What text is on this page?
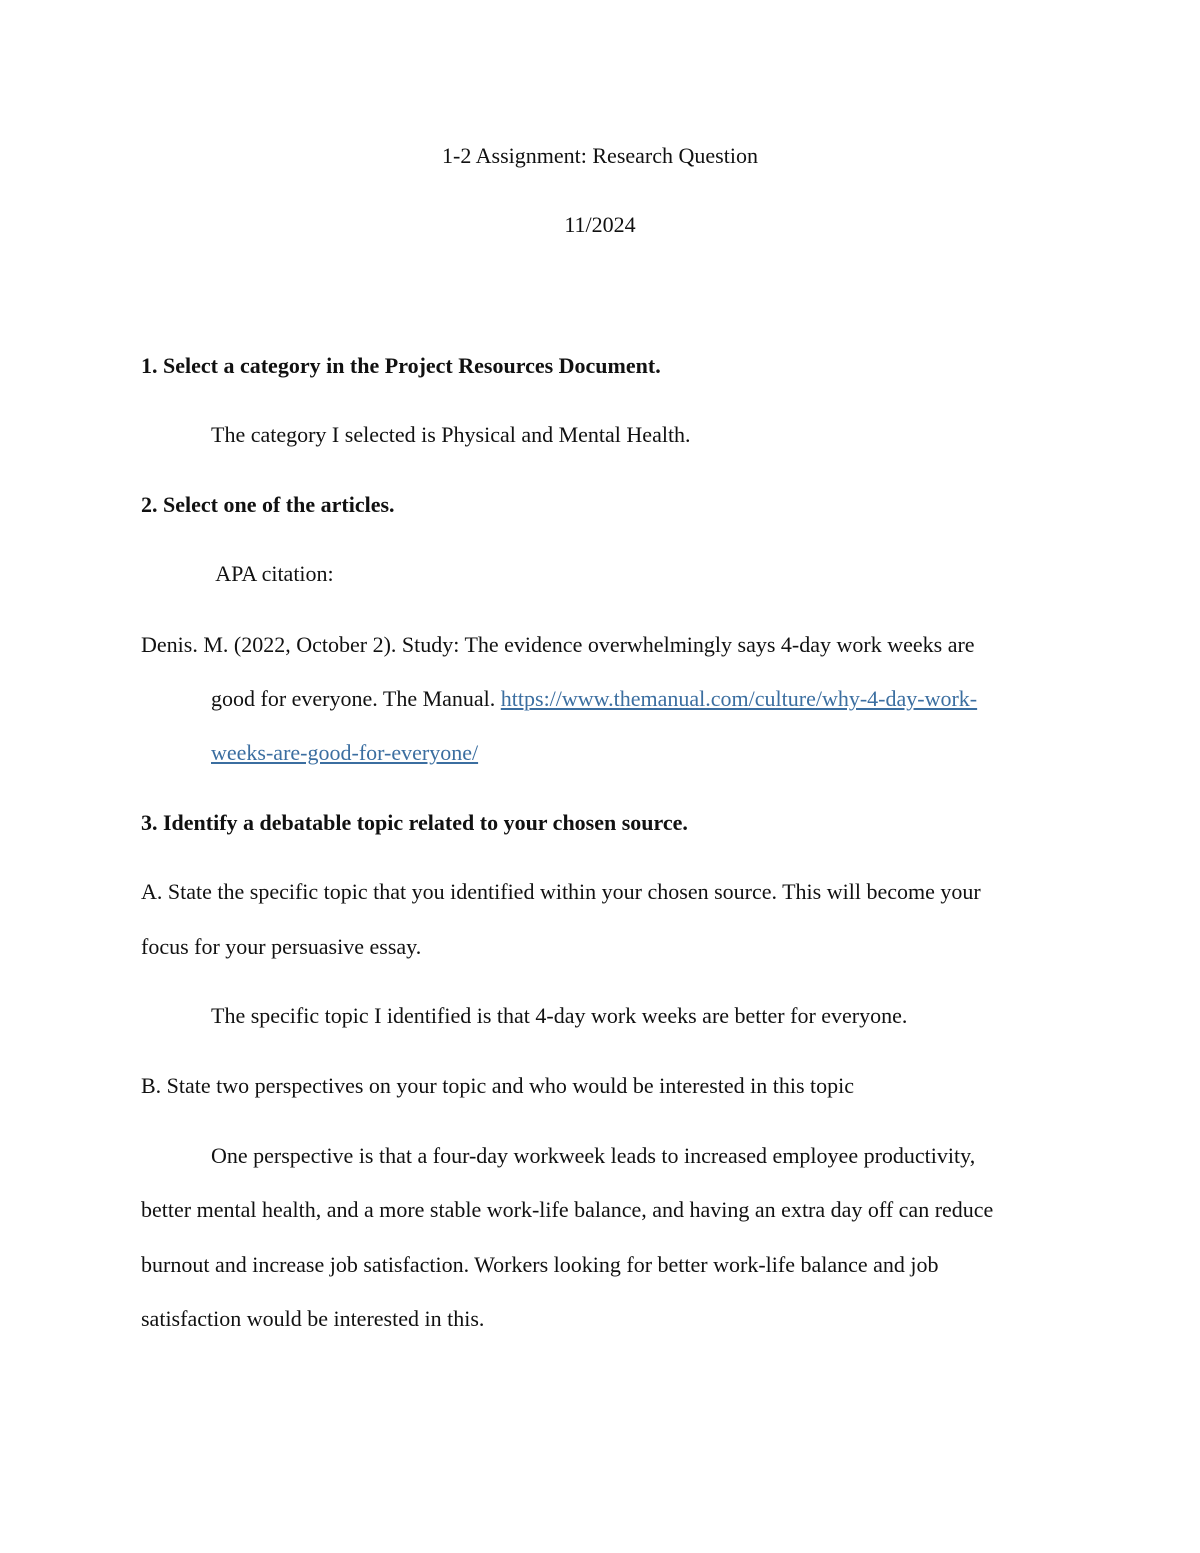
1-2 Assignment: Research Question
11/2024
1. Select a category in the Project Resources Document.
The category I selected is Physical and Mental Health.
2. Select one of the articles.
APA citation:
Denis. M. (2022, October 2). Study: The evidence overwhelmingly says 4-day work weeks are
good for everyone. The Manual. https://www.themanual.com/culture/why-4-day-work-
weeks-are-good-for-everyone/
3. Identify a debatable topic related to your chosen source.
A. State the specific topic that you identified within your chosen source. This will become your
focus for your persuasive essay.
The specific topic I identified is that 4-day work weeks are better for everyone.
B. State two perspectives on your topic and who would be interested in this topic
One perspective is that a four-day workweek leads to increased employee productivity,
better mental health, and a more stable work-life balance, and having an extra day off can reduce
burnout and increase job satisfaction. Workers looking for better work-life balance and job
satisfaction would be interested in this.
